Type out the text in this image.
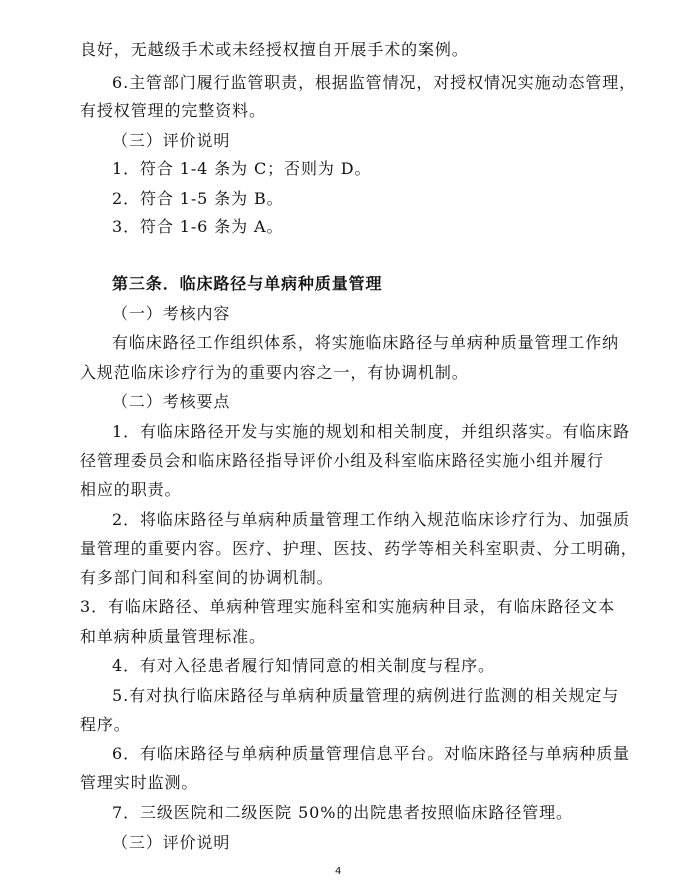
良好，无越级手术或未经授权擅自开展手术的案例。
6.主管部门履行监管职责，根据监管情况，对授权情况实施动态管理，
有授权管理的完整资料。
（三）评价说明
1．符合 1-4 条为 C；否则为 D。
2．符合 1-5 条为 B。
3．符合 1-6 条为 A。
第三条．临床路径与单病种质量管理
（一）考核内容
有临床路径工作组织体系，将实施临床路径与单病种质量管理工作纳
入规范临床诊疗行为的重要内容之一，有协调机制。
（二）考核要点
1．有临床路径开发与实施的规划和相关制度，并组织落实。有临床路
径管理委员会和临床路径指导评价小组及科室临床路径实施小组并履行
相应的职责。
2．将临床路径与单病种质量管理工作纳入规范临床诊疗行为、加强质
量管理的重要内容。医疗、护理、医技、药学等相关科室职责、分工明确，
有多部门间和科室间的协调机制。
3．有临床路径、单病种管理实施科室和实施病种目录，有临床路径文本
和单病种质量管理标准。
4．有对入径患者履行知情同意的相关制度与程序。
5.有对执行临床路径与单病种质量管理的病例进行监测的相关规定与
程序。
6．有临床路径与单病种质量管理信息平台。对临床路径与单病种质量
管理实时监测。
7．三级医院和二级医院 50%的出院患者按照临床路径管理。
（三）评价说明
4
